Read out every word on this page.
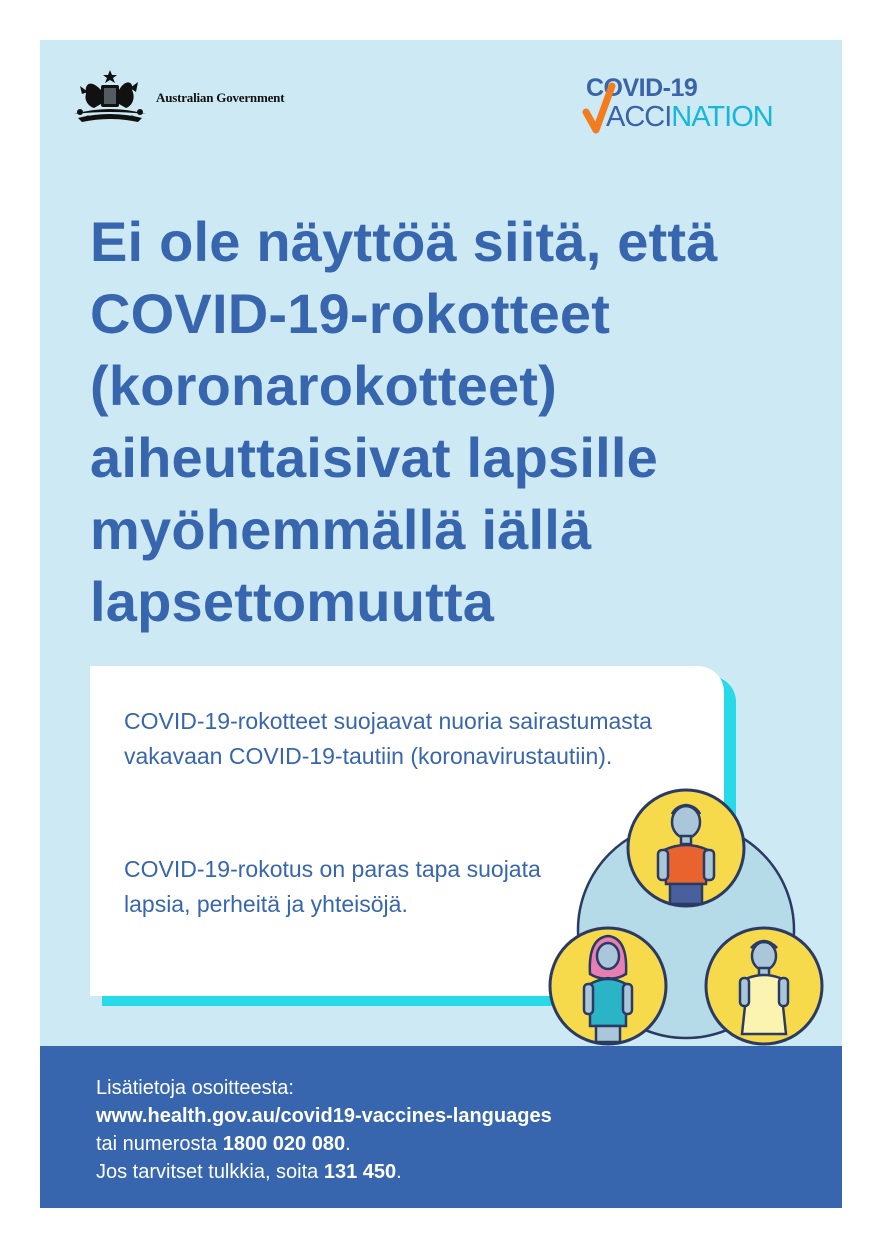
Australian Government	COVID-19
ACCINATION
Ei ole näyttöä siitä, että
COVID-19-rokotteet
(koronarokotteet)
aiheuttaisivat lapsille
myöhemmällä iällä
lapsettomuutta

COVID-19-rokotteet suojaavat nuoria sairastumasta vakavaan COVID-19-tautiin (koronavirustautiin).

COVID-19-rokotus on paras tapa suojata lapsia, perheitä ja yhteisöjä.

Lisätietoja osoitteesta:
www.health.gov.au/covid19-vaccines-languages
tai numerosta 1800 020 080.
Jos tarvitset tulkkia, soita 131 450.
